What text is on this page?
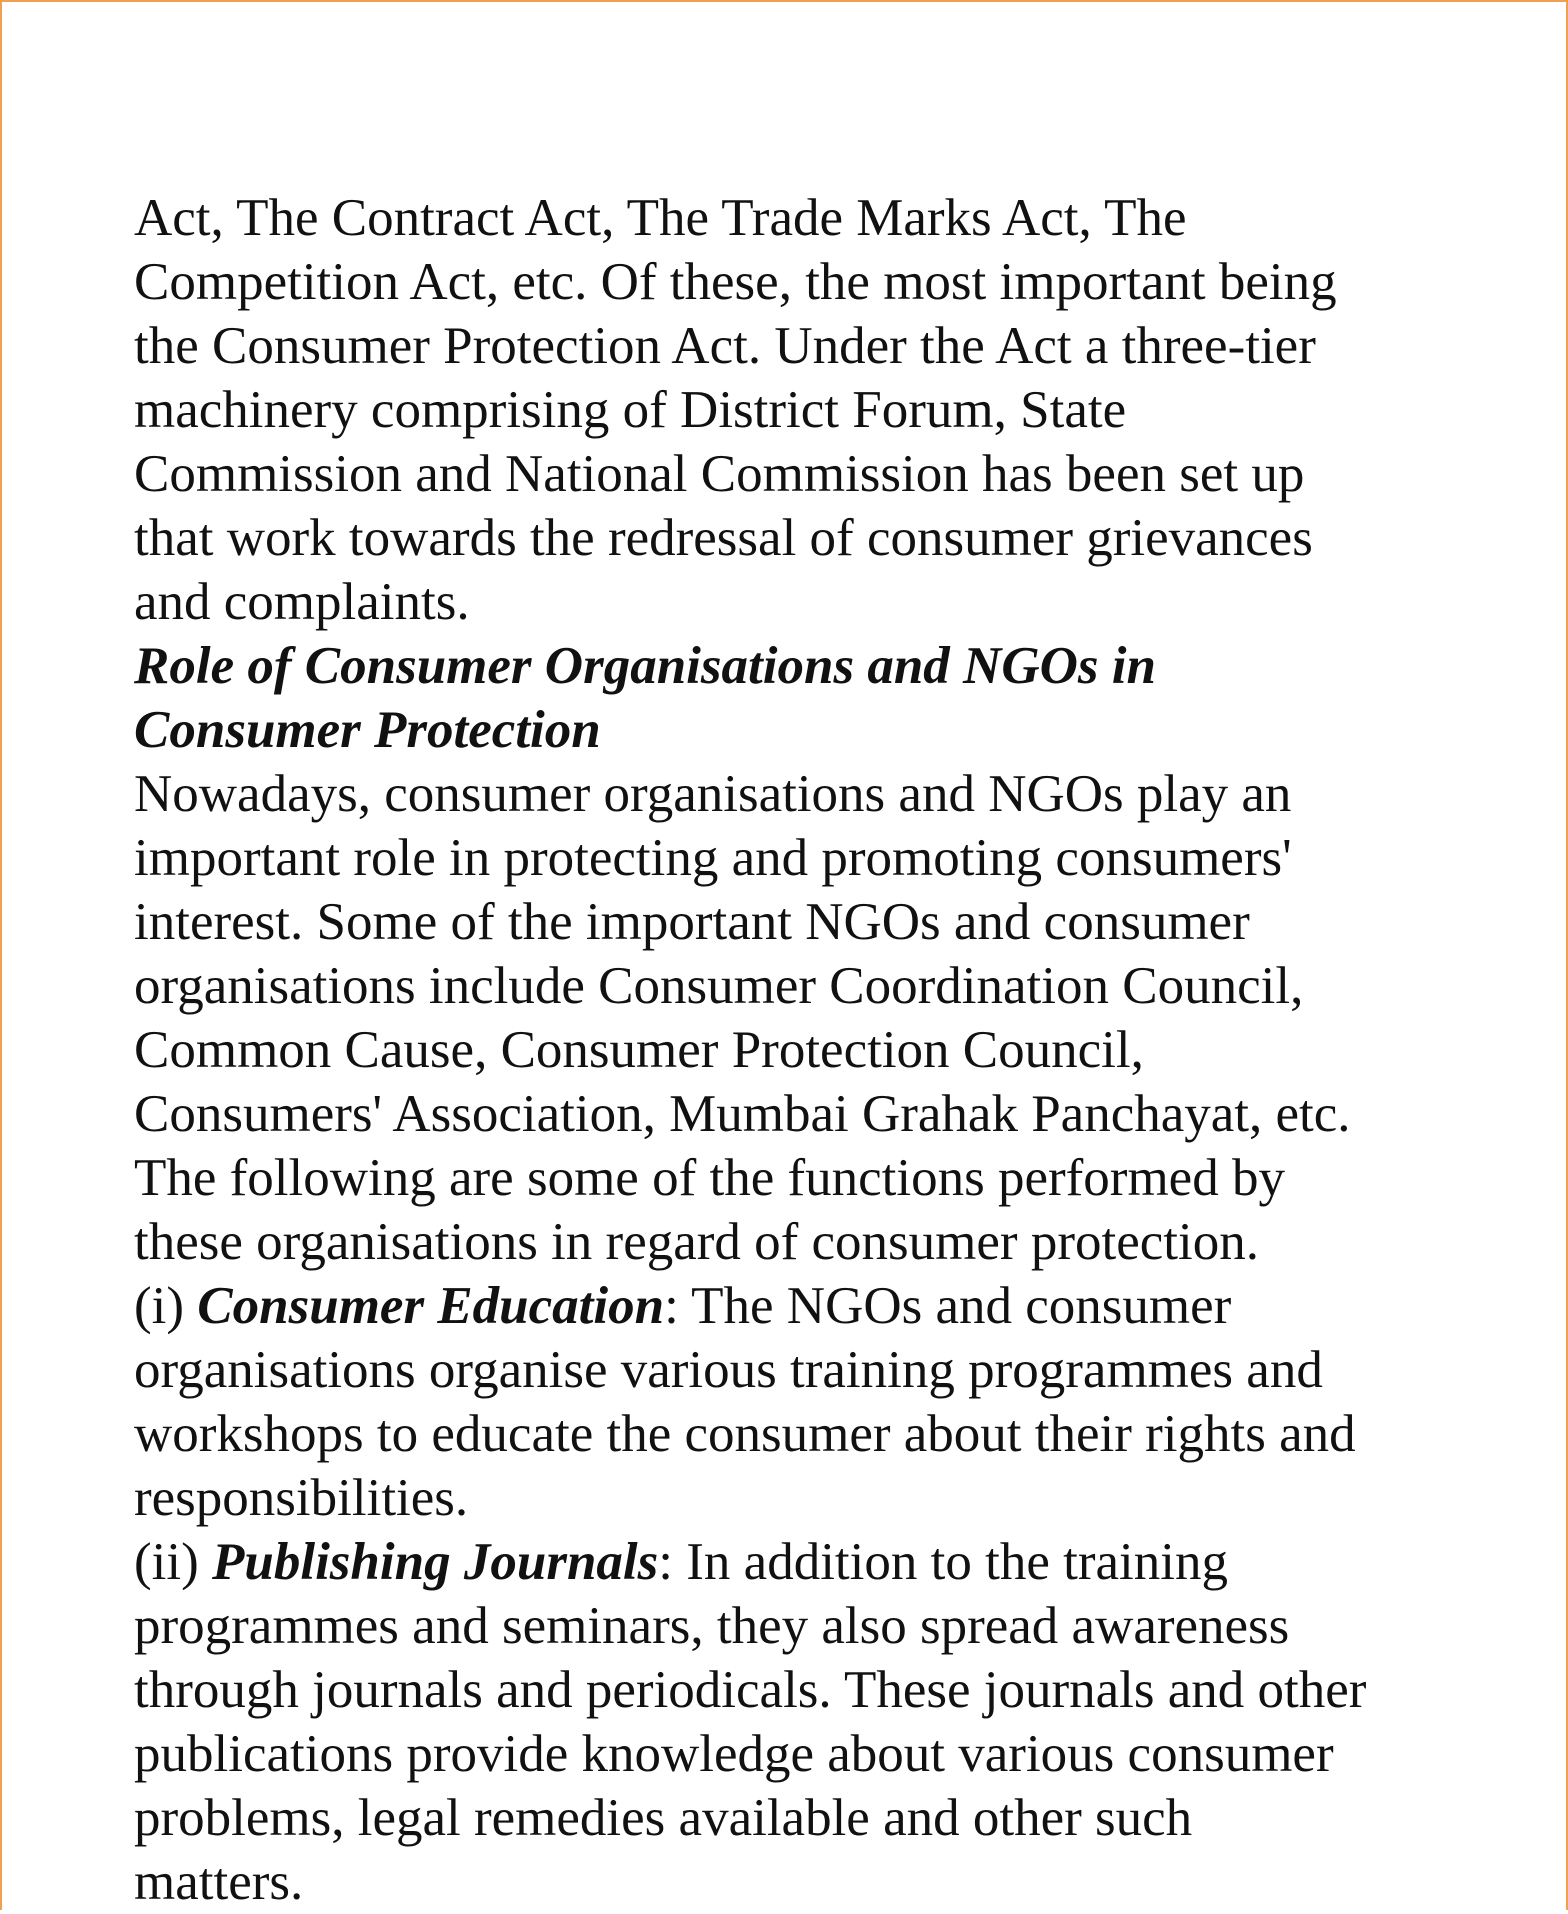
Act, The Contract Act, The Trade Marks Act, The
Competition Act, etc. Of these, the most important being
the Consumer Protection Act. Under the Act a three-tier
machinery comprising of District Forum, State
Commission and National Commission has been set up
that work towards the redressal of consumer grievances
and complaints.
Role of Consumer Organisations and NGOs in
Consumer Protection
Nowadays, consumer organisations and NGOs play an
important role in protecting and promoting consumers'
interest. Some of the important NGOs and consumer
organisations include Consumer Coordination Council,
Common Cause, Consumer Protection Council,
Consumers' Association, Mumbai Grahak Panchayat, etc.
The following are some of the functions performed by
these organisations in regard of consumer protection.
(i) Consumer Education: The NGOs and consumer
organisations organise various training programmes and
workshops to educate the consumer about their rights and
responsibilities.
(ii) Publishing Journals: In addition to the training
programmes and seminars, they also spread awareness
through journals and periodicals. These journals and other
publications provide knowledge about various consumer
problems, legal remedies available and other such
matters.
